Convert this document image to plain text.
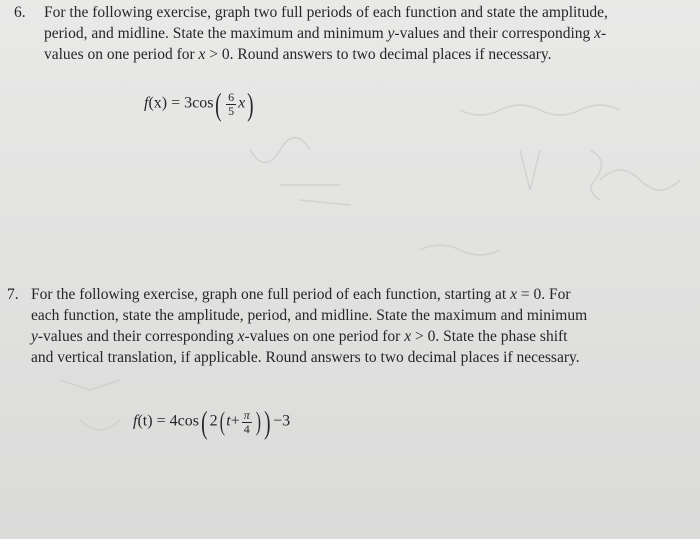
6. For the following exercise, graph two full periods of each function and state the amplitude,
period, and midline. State the maximum and minimum y-values and their corresponding x-
values on one period for x > 0. Round answers to two decimal places if necessary.
$f(x) = 3\cos( \frac{6}{5} x)$
7. For the following exercise, graph one full period of each function, starting at x = 0. For
each function, state the amplitude, period, and midline. State the maximum and minimum
y-values and their corresponding x-values on one period for x > 0. State the phase shift
and vertical translation, if applicable. Round answers to two decimal places if necessary.
f(t) = 4cos( 2( $t+ \frac{\pi}{4}$ ) ) −3
